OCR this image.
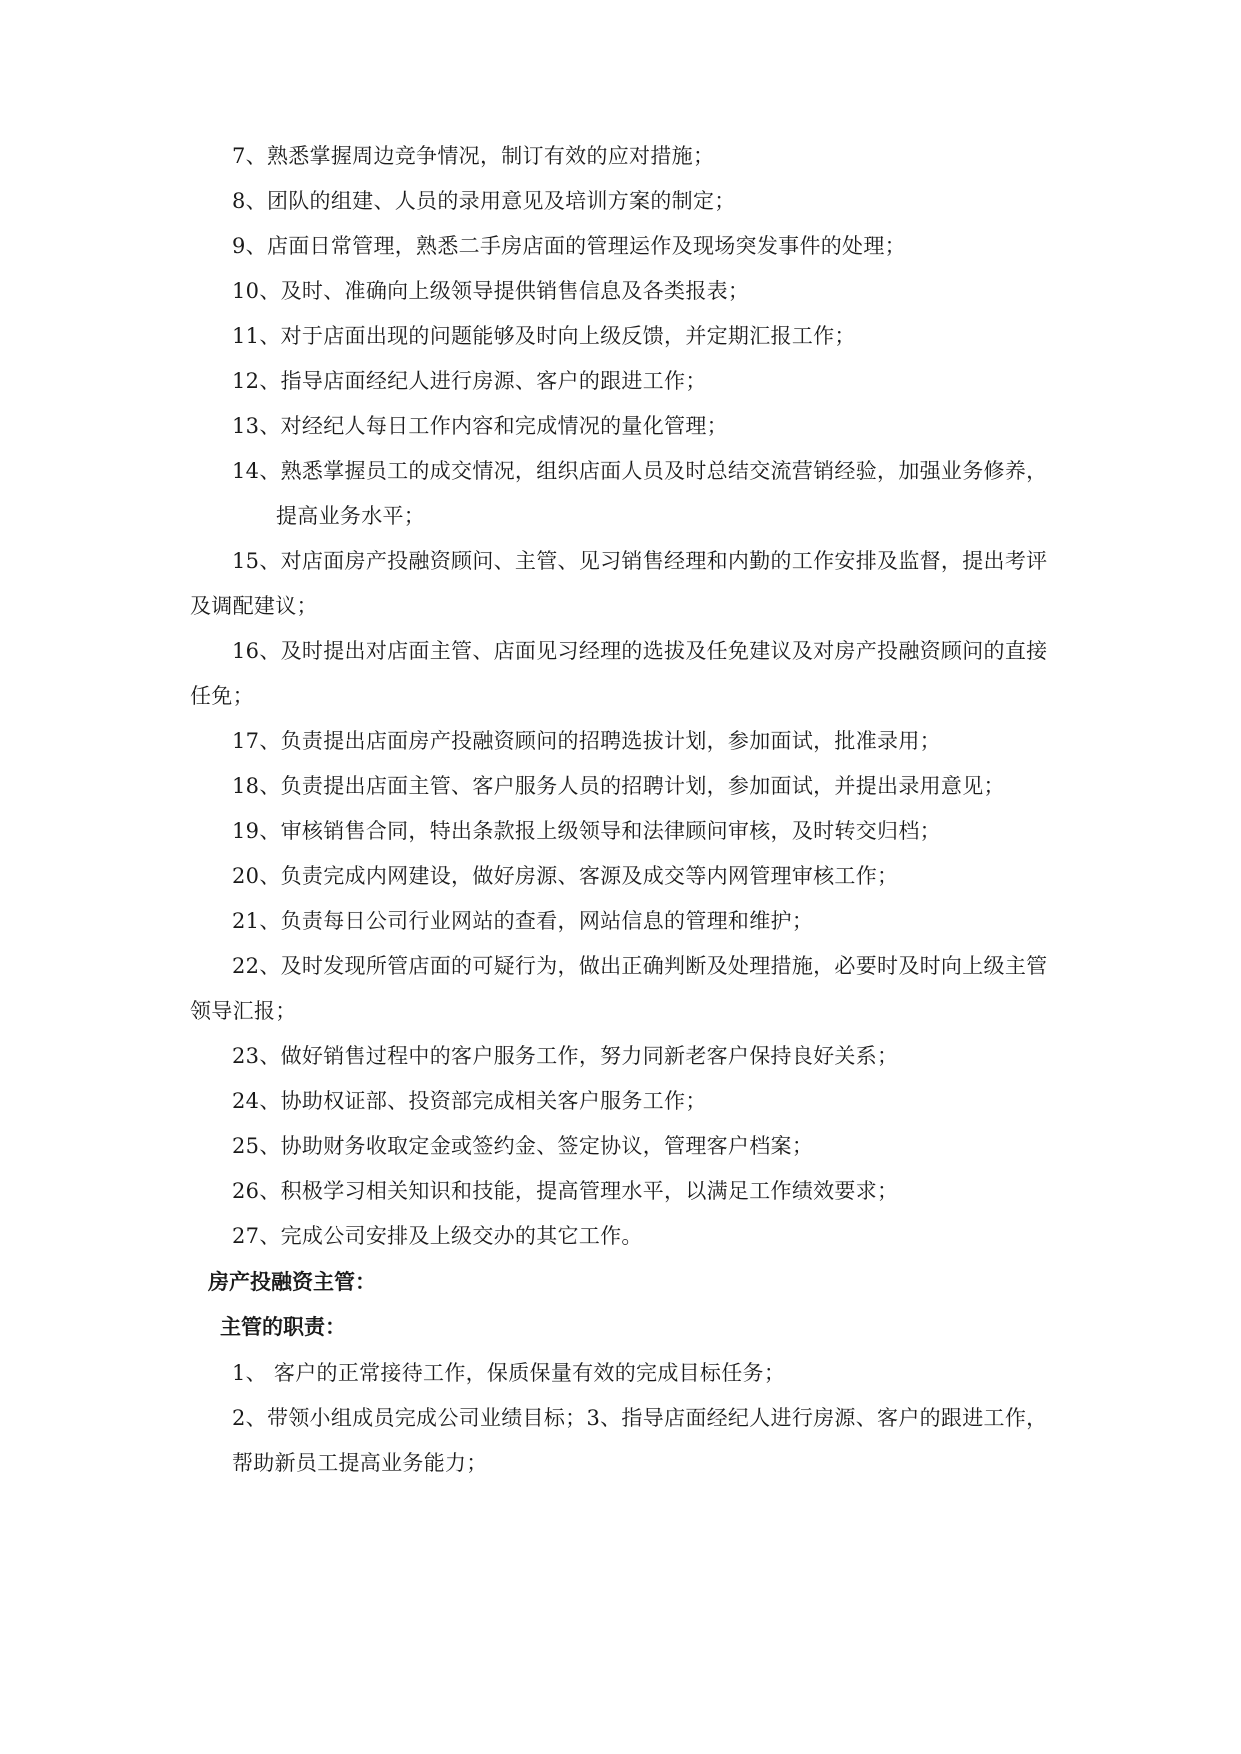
7、熟悉掌握周边竞争情况，制订有效的应对措施；
8、团队的组建、人员的录用意见及培训方案的制定；
9、店面日常管理，熟悉二手房店面的管理运作及现场突发事件的处理；
10、及时、准确向上级领导提供销售信息及各类报表；
11、对于店面出现的问题能够及时向上级反馈，并定期汇报工作；
12、指导店面经纪人进行房源、客户的跟进工作；
13、对经纪人每日工作内容和完成情况的量化管理；
14、熟悉掌握员工的成交情况，组织店面人员及时总结交流营销经验，加强业务修养，
提高业务水平；
15、对店面房产投融资顾问、主管、见习销售经理和内勤的工作安排及监督，提出考评
及调配建议；
16、及时提出对店面主管、店面见习经理的选拔及任免建议及对房产投融资顾问的直接
任免；
17、负责提出店面房产投融资顾问的招聘选拔计划，参加面试，批准录用；
18、负责提出店面主管、客户服务人员的招聘计划，参加面试，并提出录用意见；
19、审核销售合同，特出条款报上级领导和法律顾问审核，及时转交归档；
20、负责完成内网建设，做好房源、客源及成交等内网管理审核工作；
21、负责每日公司行业网站的查看，网站信息的管理和维护；
22、及时发现所管店面的可疑行为，做出正确判断及处理措施，必要时及时向上级主管
领导汇报；
23、做好销售过程中的客户服务工作，努力同新老客户保持良好关系；
24、协助权证部、投资部完成相关客户服务工作；
25、协助财务收取定金或签约金、签定协议，管理客户档案；
26、积极学习相关知识和技能，提高管理水平，以满足工作绩效要求；
27、完成公司安排及上级交办的其它工作。
房产投融资主管：
主管的职责：
1、 客户的正常接待工作，保质保量有效的完成目标任务；
2、带领小组成员完成公司业绩目标；3、指导店面经纪人进行房源、客户的跟进工作，
帮助新员工提高业务能力；
